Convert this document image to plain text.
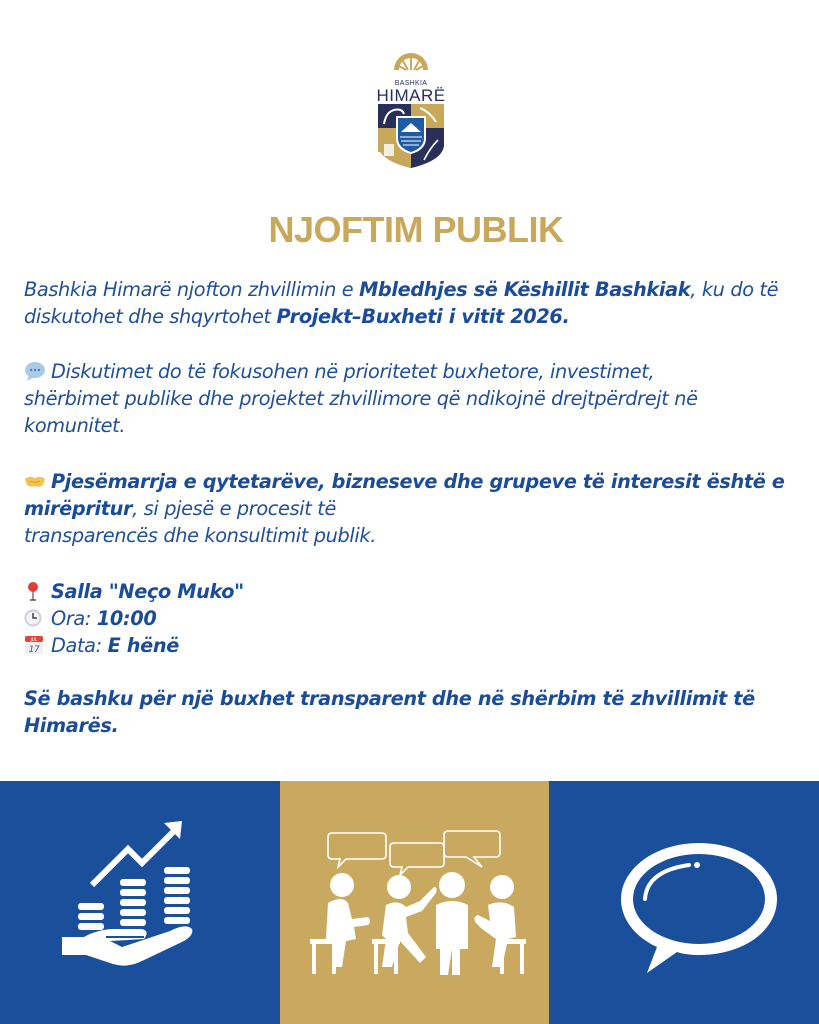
BASHKIA
HIMARË
NJOFTIM PUBLIK
Bashkia Himarë njofton zhvillimin e Mbledhjes së Këshillit Bashkiak, ku do të
diskutohet dhe shqyrtohet Projekt–Buxheti i vitit 2026.
Diskutimet do të fokusohen në prioritetet buxhetore, investimet,
shërbimet publike dhe projektet zhvillimore që ndikojnë drejtpërdrejt në
komunitet.
Pjesëmarrja e qytetarëve, bizneseve dhe grupeve të interesit është e
mirëpritur, si pjesë e procesit të
transparencës dhe konsultimit publik.
Salla "Neço Muko"
Ora: 10:00
JUL
17 Data: E hënë
Së bashku për një buxhet transparent dhe në shërbim të zhvillimit të
Himarës.
